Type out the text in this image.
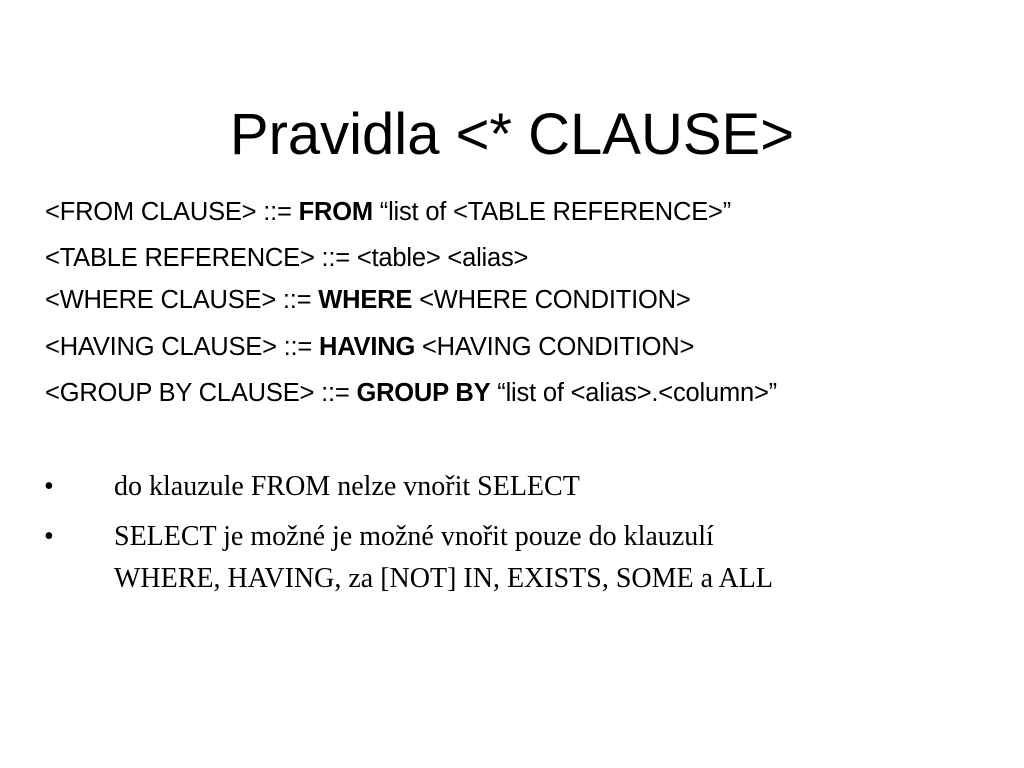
Pravidla <* CLAUSE>
<FROM CLAUSE> ::= FROM “list of <TABLE REFERENCE>”
<TABLE REFERENCE> ::= <table> <alias>
<WHERE CLAUSE> ::= WHERE <WHERE CONDITION>
<HAVING CLAUSE> ::= HAVING <HAVING CONDITION>
<GROUP BY CLAUSE> ::= GROUP BY “list of <alias>.<column>”
• do klauzule FROM nelze vnořit SELECT
• SELECT je možné je možné vnořit pouze do klauzulí
WHERE, HAVING, za [NOT] IN, EXISTS, SOME a ALL
